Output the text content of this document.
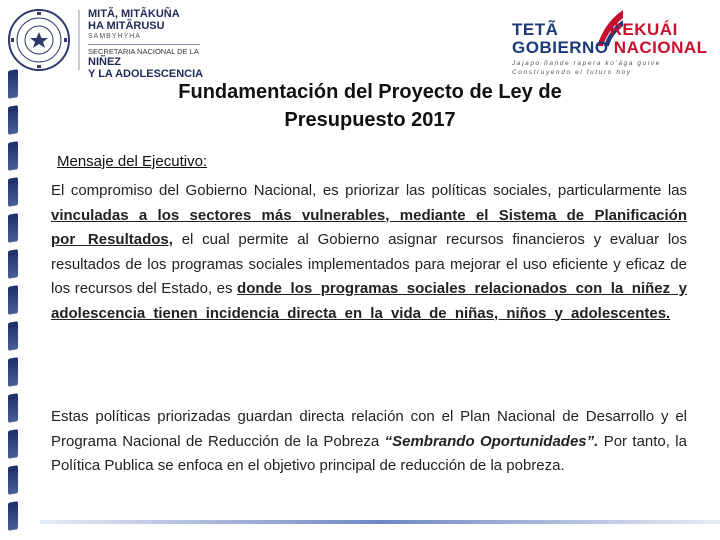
MITÃ, MITÃKUÑA
HA MITÃRUSU
SAMBYHÝHA
SECRETARIA NACIONAL DE LA
NIÑEZ
Y LA ADOLESCENCIA
TETÃ	REKUÁI
GOBIERNO NACIONAL
Jajapo ñande rapera ko'ága guive
Construyendo el futuro hoy
Fundamentación del Proyecto de Ley de
Presupuesto 2017
Mensaje del Ejecutivo:
El compromiso del Gobierno Nacional, es priorizar las políticas sociales, particularmente las vinculadas a los sectores más vulnerables, mediante el Sistema de Planificación por Resultados, el cual permite al Gobierno asignar recursos financieros y evaluar los resultados de los programas sociales implementados para mejorar el uso eficiente y eficaz de los recursos del Estado, es donde los programas sociales relacionados con la niñez y adolescencia tienen incidencia directa en la vida de niñas, niños y adolescentes.
Estas políticas priorizadas guardan directa relación con el Plan Nacional de Desarrollo y el Programa Nacional de Reducción de la Pobreza “Sembrando Oportunidades”. Por tanto, la Política Publica se enfoca en el objetivo principal de reducción de la pobreza.
